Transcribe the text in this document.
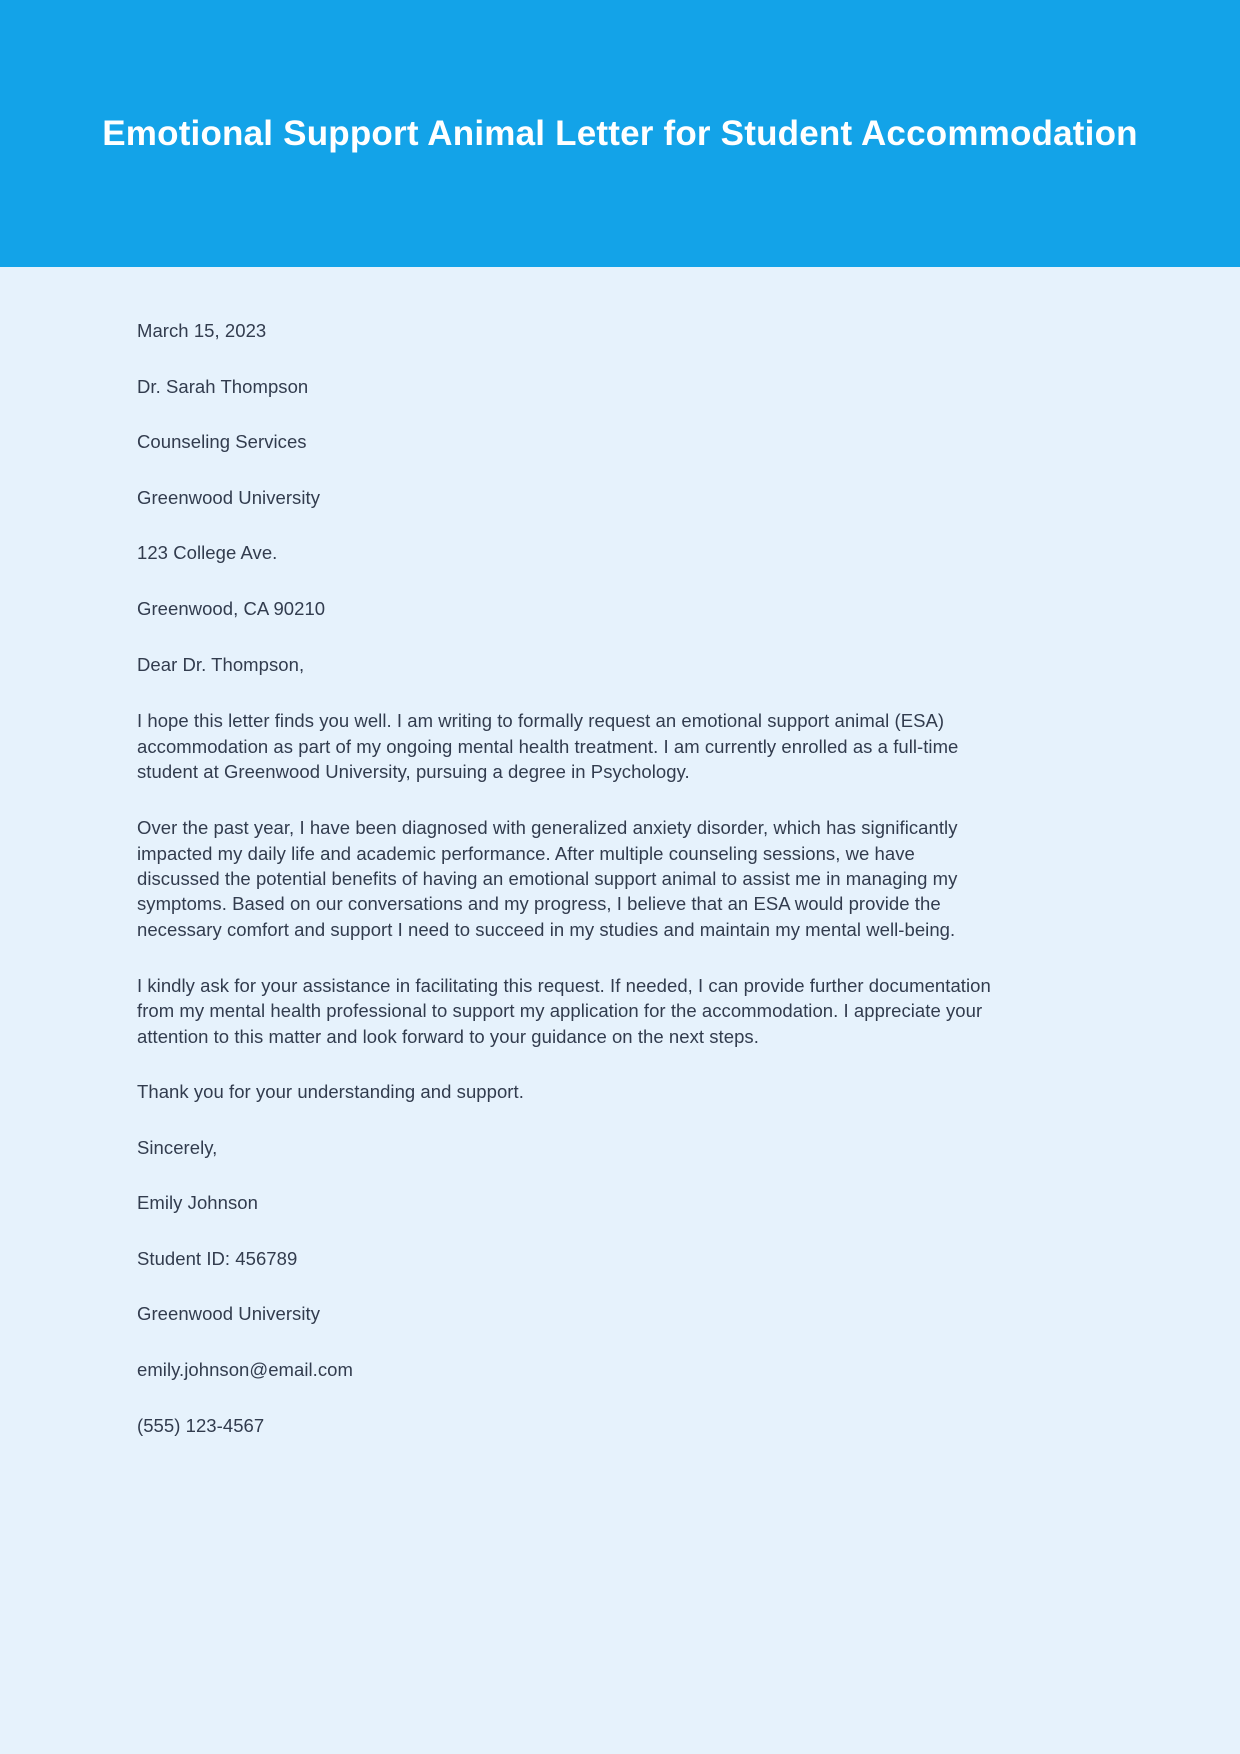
Emotional Support Animal Letter for Student Accommodation

March 15, 2023

Dr. Sarah Thompson

Counseling Services

Greenwood University

123 College Ave.

Greenwood, CA 90210

Dear Dr. Thompson,

I hope this letter finds you well. I am writing to formally request an emotional support animal (ESA) accommodation as part of my ongoing mental health treatment. I am currently enrolled as a full-time student at Greenwood University, pursuing a degree in Psychology.

Over the past year, I have been diagnosed with generalized anxiety disorder, which has significantly impacted my daily life and academic performance. After multiple counseling sessions, we have discussed the potential benefits of having an emotional support animal to assist me in managing my symptoms. Based on our conversations and my progress, I believe that an ESA would provide the necessary comfort and support I need to succeed in my studies and maintain my mental well-being.

I kindly ask for your assistance in facilitating this request. If needed, I can provide further documentation from my mental health professional to support my application for the accommodation. I appreciate your attention to this matter and look forward to your guidance on the next steps.

Thank you for your understanding and support.

Sincerely,

Emily Johnson

Student ID: 456789

Greenwood University

emily.johnson@email.com

(555) 123-4567
